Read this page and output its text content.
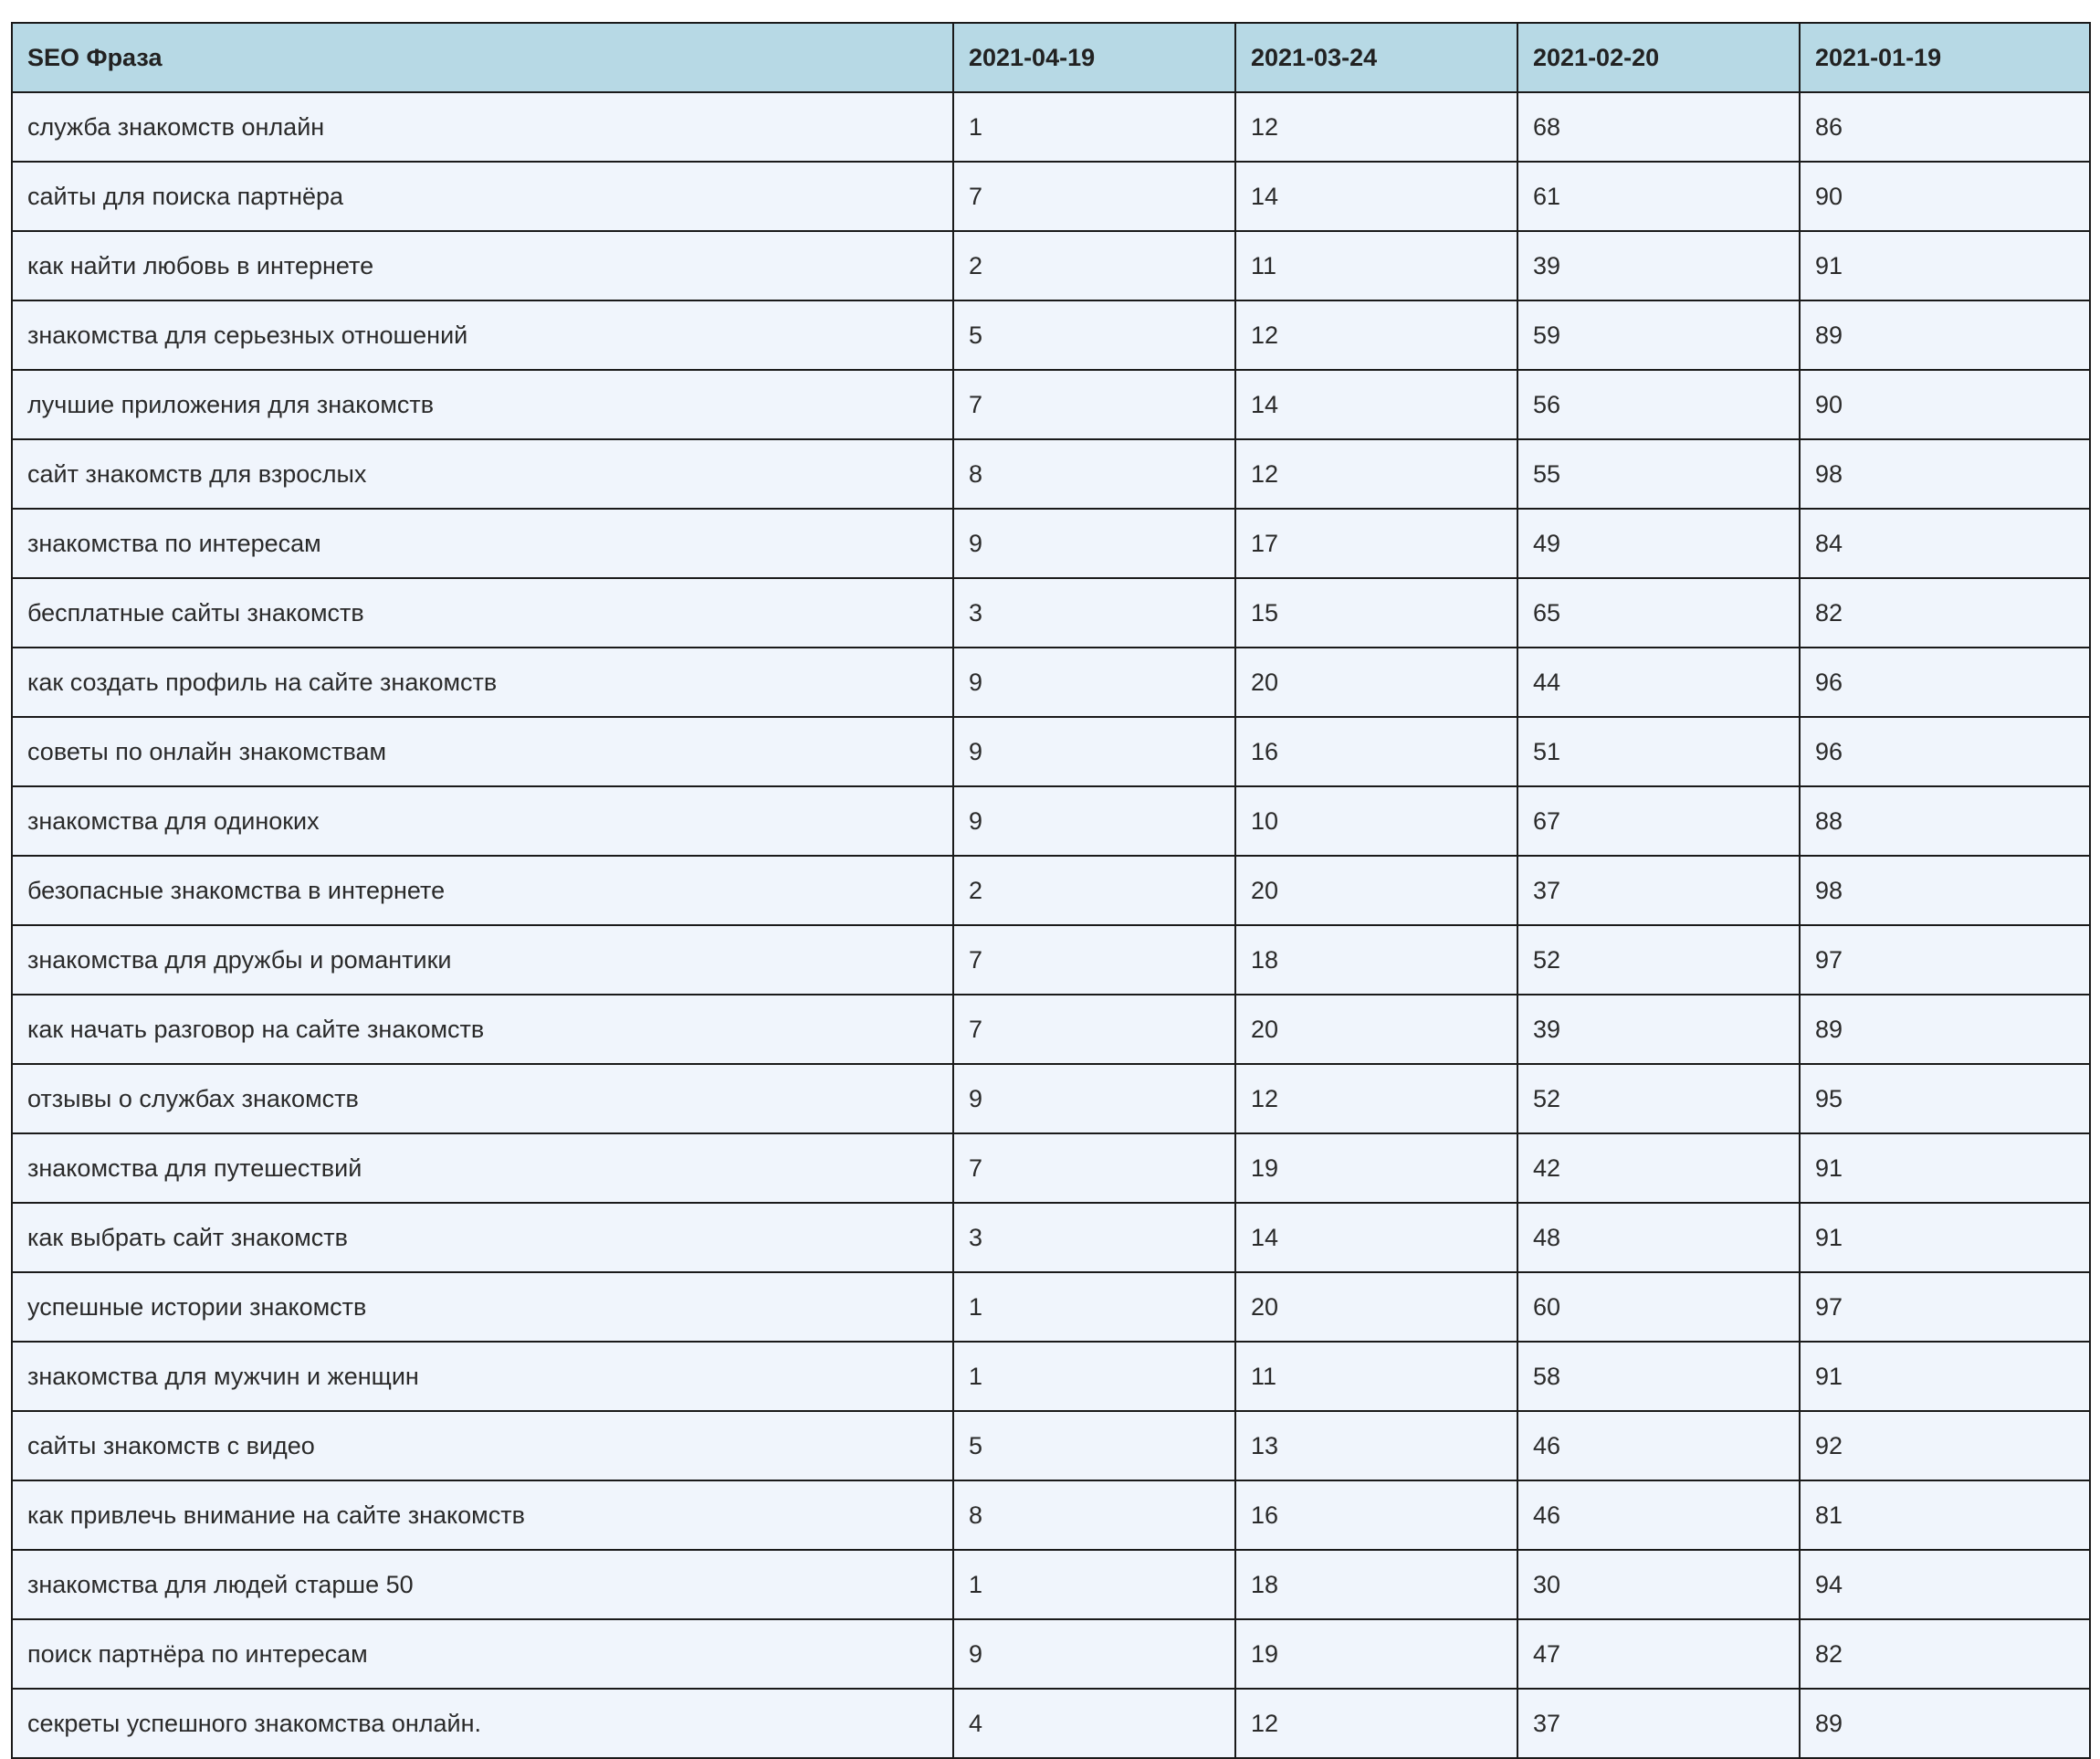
SEO Фраза	2021-04-19	2021-03-24	2021-02-20	2021-01-19
служба знакомств онлайн	1	12	68	86
сайты для поиска партнёра	7	14	61	90
как найти любовь в интернете	2	11	39	91
знакомства для серьезных отношений	5	12	59	89
лучшие приложения для знакомств	7	14	56	90
сайт знакомств для взрослых	8	12	55	98
знакомства по интересам	9	17	49	84
бесплатные сайты знакомств	3	15	65	82
как создать профиль на сайте знакомств	9	20	44	96
советы по онлайн знакомствам	9	16	51	96
знакомства для одиноких	9	10	67	88
безопасные знакомства в интернете	2	20	37	98
знакомства для дружбы и романтики	7	18	52	97
как начать разговор на сайте знакомств	7	20	39	89
отзывы о службах знакомств	9	12	52	95
знакомства для путешествий	7	19	42	91
как выбрать сайт знакомств	3	14	48	91
успешные истории знакомств	1	20	60	97
знакомства для мужчин и женщин	1	11	58	91
сайты знакомств с видео	5	13	46	92
как привлечь внимание на сайте знакомств	8	16	46	81
знакомства для людей старше 50	1	18	30	94
поиск партнёра по интересам	9	19	47	82
секреты успешного знакомства онлайн.	4	12	37	89
